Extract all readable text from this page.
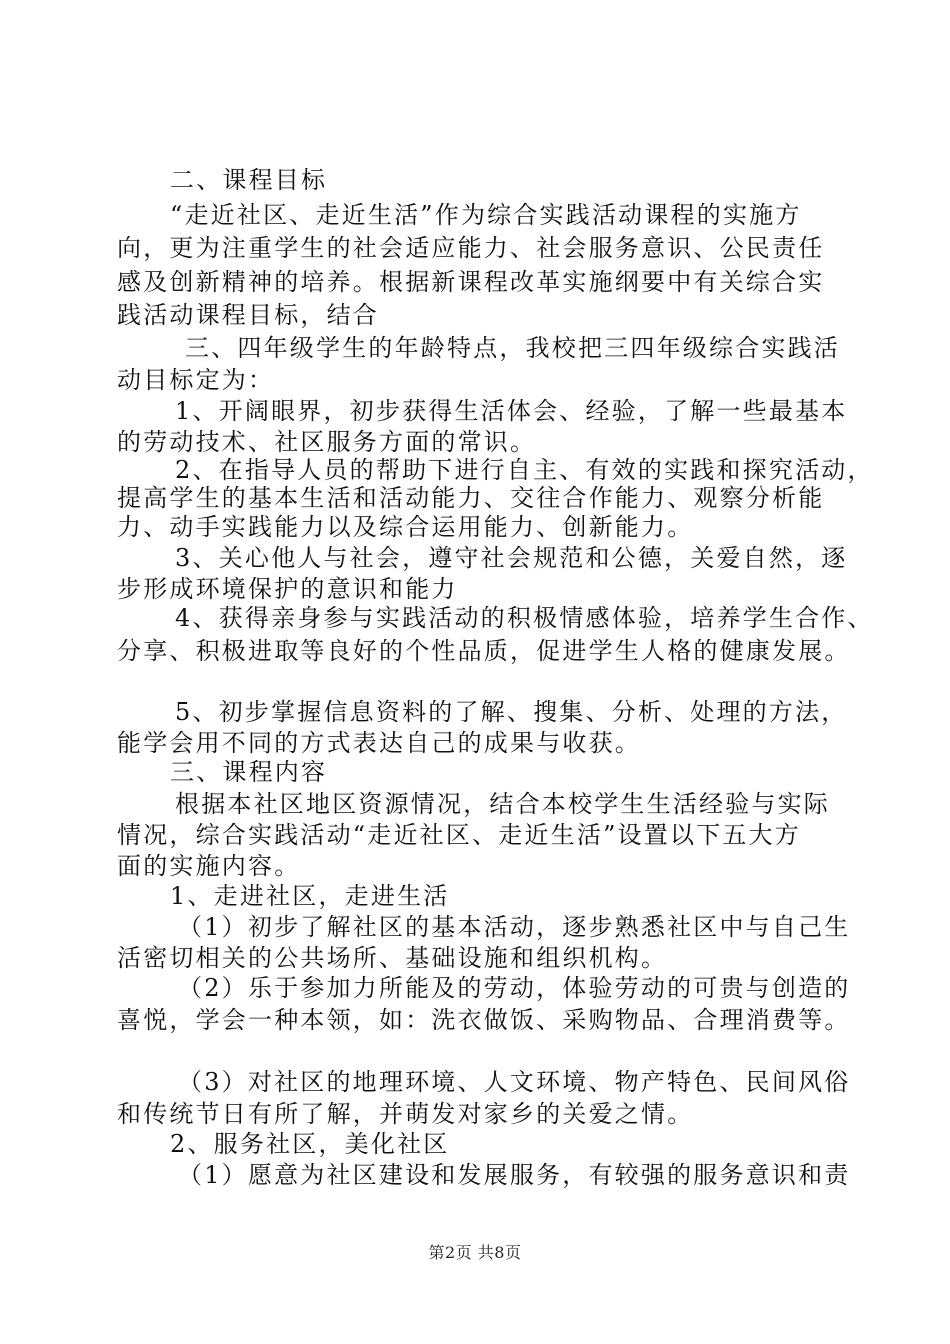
二、课程目标
“走近社区、走近生活”作为综合实践活动课程的实施方
向，更为注重学生的社会适应能力、社会服务意识、公民责任
感及创新精神的培养。根据新课程改革实施纲要中有关综合实
践活动课程目标，结合
三、四年级学生的年龄特点，我校把三四年级综合实践活
动目标定为：
1、开阔眼界，初步获得生活体会、经验，了解一些最基本
的劳动技术、社区服务方面的常识。
2、在指导人员的帮助下进行自主、有效的实践和探究活动，
提高学生的基本生活和活动能力、交往合作能力、观察分析能
力、动手实践能力以及综合运用能力、创新能力。
3、关心他人与社会，遵守社会规范和公德，关爱自然，逐
步形成环境保护的意识和能力
4、获得亲身参与实践活动的积极情感体验，培养学生合作、
分享、积极进取等良好的个性品质，促进学生人格的健康发展。
5、初步掌握信息资料的了解、搜集、分析、处理的方法，
能学会用不同的方式表达自己的成果与收获。
三、课程内容
根据本社区地区资源情况，结合本校学生生活经验与实际
情况，综合实践活动“走近社区、走近生活”设置以下五大方
面的实施内容。
1、走进社区，走进生活
（1）初步了解社区的基本活动，逐步熟悉社区中与自己生
活密切相关的公共场所、基础设施和组织机构。
（2）乐于参加力所能及的劳动，体验劳动的可贵与创造的
喜悦，学会一种本领，如：洗衣做饭、采购物品、合理消费等。
（3）对社区的地理环境、人文环境、物产特色、民间风俗
和传统节日有所了解，并萌发对家乡的关爱之情。
2、服务社区，美化社区
（1）愿意为社区建设和发展服务，有较强的服务意识和责
第2页 共8页
